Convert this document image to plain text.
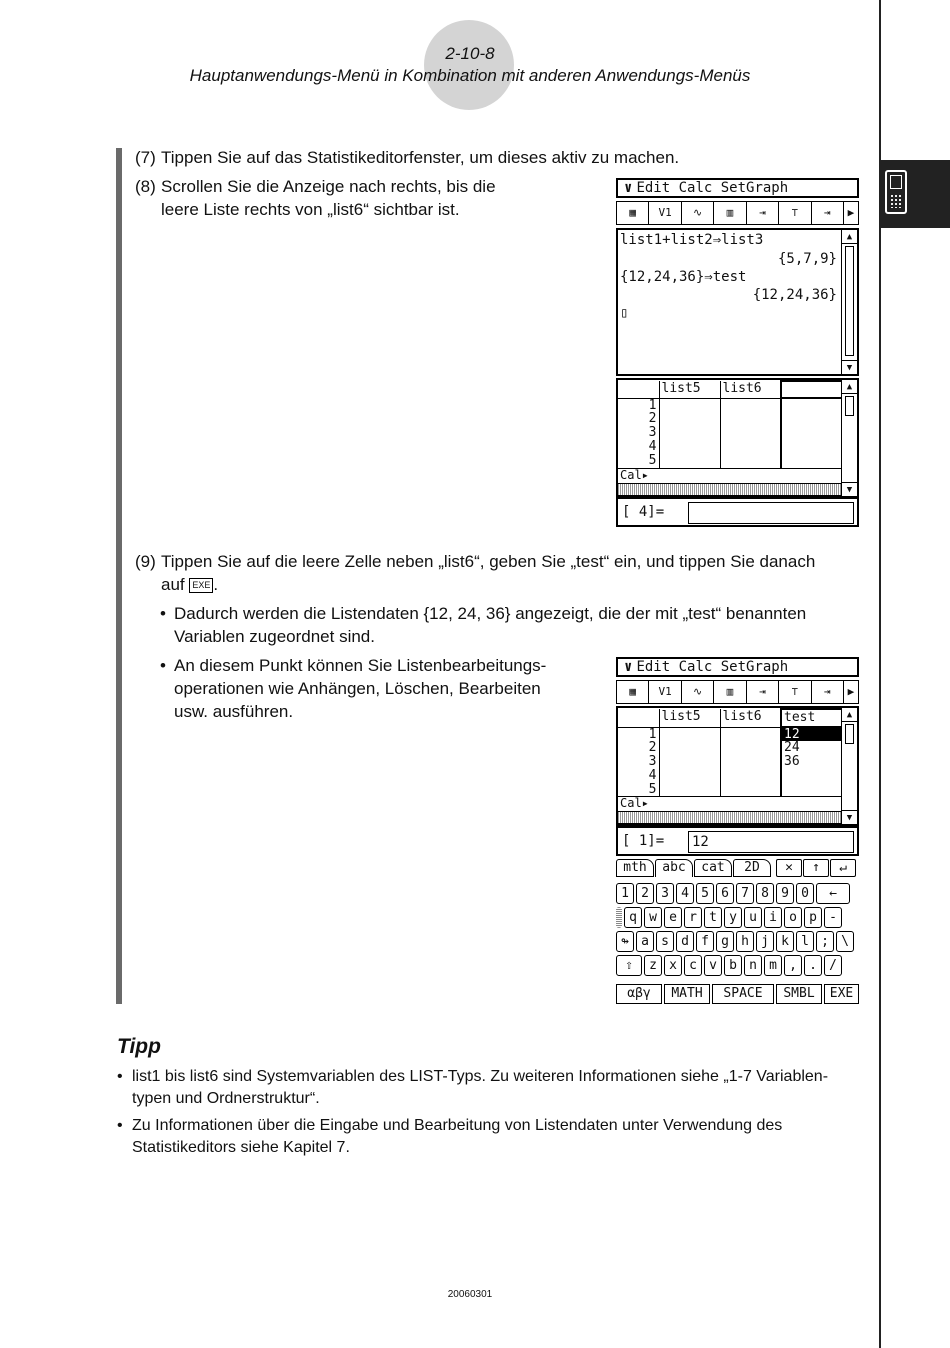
2-10-8
Hauptanwendungs-Menü in Kombination mit anderen Anwendungs-Menüs
(7) Tippen Sie auf das Statistikeditorfenster, um dieses aktiv zu machen.
(8) Scrollen Sie die Anzeige nach rechts, bis die
leere Liste rechts von „list6“ sichtbar ist.
∨ Edit Calc SetGraph
▦	V1	∿	▥	⇥	⊤	⇥	▶
list1+list2⇒list3
{5,7,9}
{12,24,36}⇒test
{12,24,36}
▯
▲
▼
	list5	list6	
1			
2			
3			
4			
5			
Cal▸
▲
▼
[ 4]=
(9) Tippen Sie auf die leere Zelle neben „list6“, geben Sie „test“ ein, und tippen Sie danach
auf EXE .
• Dadurch werden die Listendaten {12, 24, 36} angezeigt, die der mit „test“ benannten
Variablen zugeordnet sind.
• An diesem Punkt können Sie Listenbearbeitungs-
operationen wie Anhängen, Löschen, Bearbeiten
usw. ausführen.
∨ Edit Calc SetGraph
▦	V1	∿	▥	⇥	⊤	⇥	▶
	list5	list6	test
1			12
2			24
3			36
4			
5			
Cal▸
▲
▼
[ 1]= 12
mth	abc	cat	2D	✕	↑	↵
1 2 3 4 5 6 7 8 9 0	←
q w e r t y u i o p -
↬ a s d f g h j k l ; \
⇧	z x c v b n m , . /
αβγ	MATH	SPACE	SMBL	EXE
Tipp
• list1 bis list6 sind Systemvariablen des LIST-Typs. Zu weiteren Informationen siehe „1-7 Variablen-
typen und Ordnerstruktur“.
• Zu Informationen über die Eingabe und Bearbeitung von Listendaten unter Verwendung des
Statistikeditors siehe Kapitel 7.
20060301
